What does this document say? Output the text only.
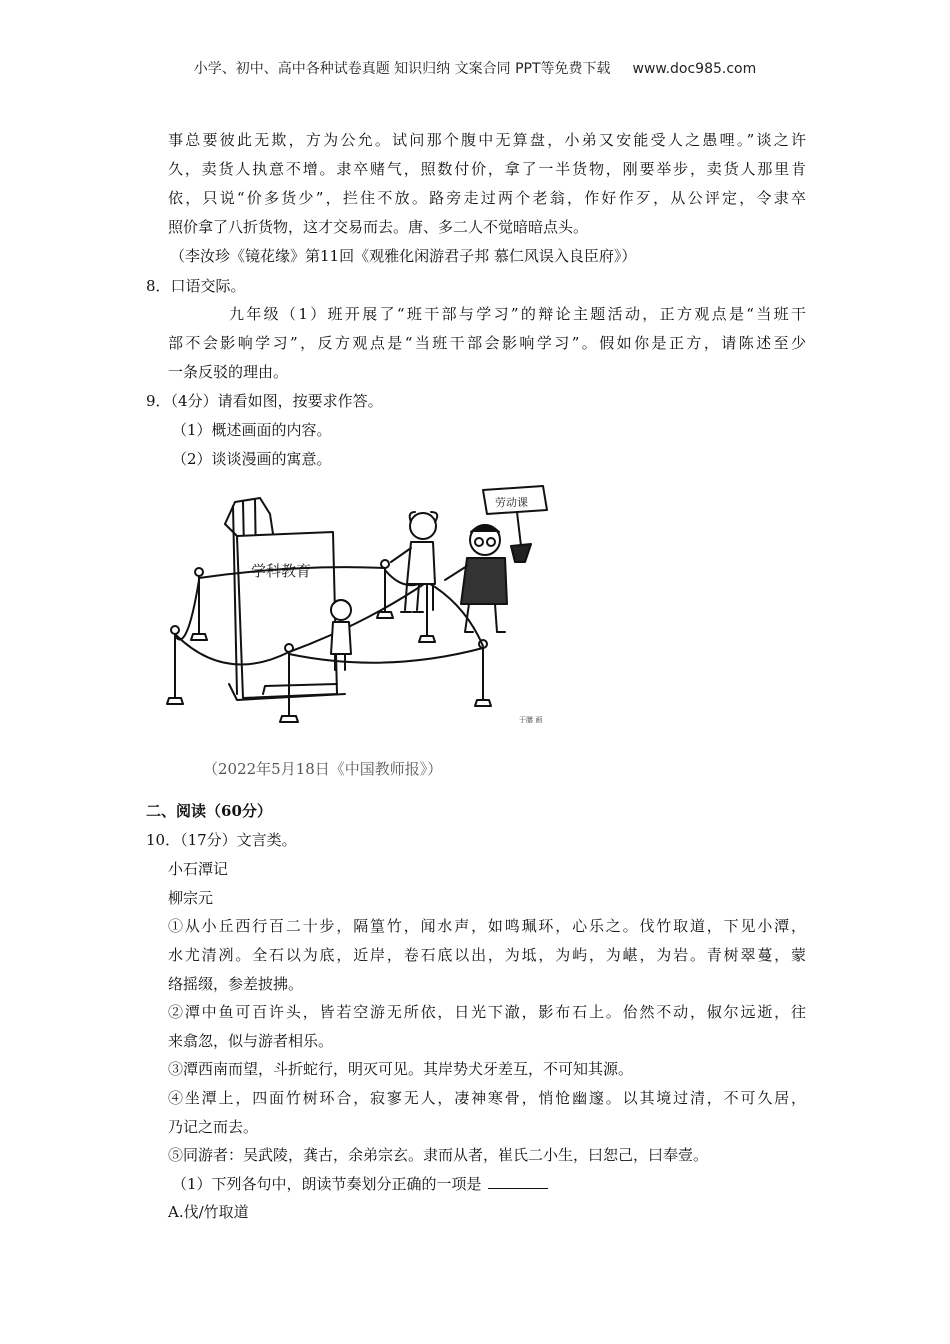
小学、初中、高中各种试卷真题 知识归纳 文案合同 PPT等免费下载 www.doc985.com
事总要彼此无欺，方为公允。试问那个腹中无算盘，小弟又安能受人之愚哩。”谈之许
久，卖货人执意不增。隶卒赌气，照数付价，拿了一半货物，刚要举步，卖货人那里肯
依，只说“价多货少”，拦住不放。路旁走过两个老翁，作好作歹，从公评定，令隶卒
照价拿了八折货物，这才交易而去。唐、多二人不觉暗暗点头。
（李汝珍《镜花缘》第11回《观雅化闲游君子邦 慕仁风误入良臣府》）
8．口语交际。
九年级（1）班开展了“班干部与学习”的辩论主题活动，正方观点是“当班干
部不会影响学习”，反方观点是“当班干部会影响学习”。假如你是正方，请陈述至少
一条反驳的理由。
9．（4分）请看如图，按要求作答。
（1）概述画面的内容。
（2）谈谈漫画的寓意。
学科教育
劳动课
于膳 画
（2022年5月18日《中国教师报》）
二、阅读（60分）
10．（17分）文言类。
小石潭记
柳宗元
①从小丘西行百二十步，隔篁竹，闻水声，如鸣珮环，心乐之。伐竹取道，下见小潭，
水尤清冽。全石以为底，近岸，卷石底以出，为坻，为屿，为嵁，为岩。青树翠蔓，蒙
络摇缀，参差披拂。
②潭中鱼可百许头，皆若空游无所依，日光下澈，影布石上。佁然不动，俶尔远逝，往
来翕忽，似与游者相乐。
③潭西南而望，斗折蛇行，明灭可见。其岸势犬牙差互，不可知其源。
④坐潭上，四面竹树环合，寂寥无人，凄神寒骨，悄怆幽邃。以其境过清，不可久居，
乃记之而去。
⑤同游者：吴武陵，龚古，余弟宗玄。隶而从者，崔氏二小生，曰恕己，曰奉壹。
（1）下列各句中，朗读节奏划分正确的一项是
A.伐/竹取道
